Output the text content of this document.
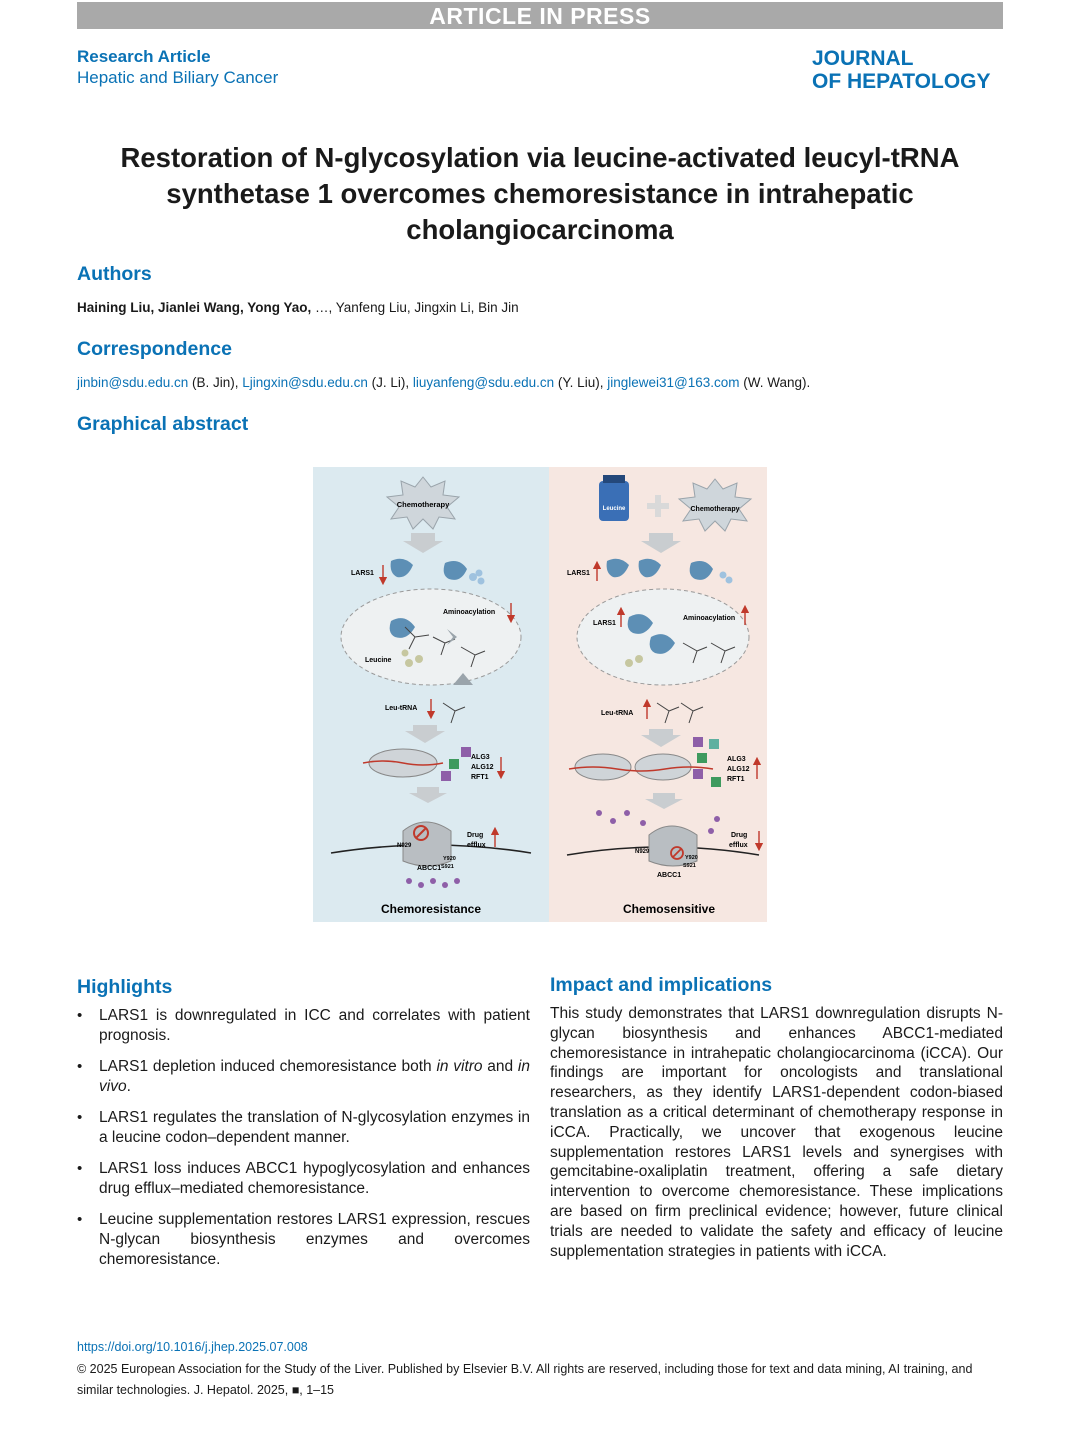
ARTICLE IN PRESS
Research Article
Hepatic and Biliary Cancer
JOURNAL
OF HEPATOLOGY
Restoration of N-glycosylation via leucine-activated leucyl-tRNA synthetase 1 overcomes chemoresistance in intrahepatic cholangiocarcinoma
Authors
Haining Liu, Jianlei Wang, Yong Yao, …, Yanfeng Liu, Jingxin Li, Bin Jin
Correspondence
jinbin@sdu.edu.cn (B. Jin), Ljingxin@sdu.edu.cn (J. Li), liuyanfeng@sdu.edu.cn (Y. Liu), jinglewei31@163.com (W. Wang).
Graphical abstract
Chemotherapy
LARS1
Aminoacylation
Leucine
Leu-tRNA
ALG3
ALG12
RFT1
N929
Y920
S921
Drug
efflux
ABCC1
Chemoresistance
Leucine	Chemotherapy
LARS1
LARS1
Aminoacylation
Leu-tRNA
ALG3
ALG12
RFT1
N929
Y920
S921
Drug
efflux
ABCC1
Chemosensitive
Highlights
• LARS1 is downregulated in ICC and correlates with patient prognosis.
• LARS1 depletion induced chemoresistance both in vitro and in vivo.
• LARS1 regulates the translation of N-glycosylation enzymes in a leucine codon–dependent manner.
• LARS1 loss induces ABCC1 hypoglycosylation and enhances drug efflux–mediated chemoresistance.
• Leucine supplementation restores LARS1 expression, rescues N-glycan biosynthesis enzymes and overcomes chemoresistance.
Impact and implications

This study demonstrates that LARS1 downregulation disrupts N-glycan biosynthesis and enhances ABCC1-mediated chemoresistance in intrahepatic cholangiocarcinoma (iCCA). Our findings are important for oncologists and translational researchers, as they identify LARS1-dependent codon-biased translation as a critical determinant of chemotherapy response in iCCA. Practically, we uncover that exogenous leucine supplementation restores LARS1 levels and synergises with gemcitabine-oxaliplatin treatment, offering a safe dietary intervention to overcome chemoresistance. These implications are based on firm preclinical evidence; however, future clinical trials are needed to validate the safety and efficacy of leucine supplementation strategies in patients with iCCA.

https://doi.org/10.1016/j.jhep.2025.07.008
© 2025 European Association for the Study of the Liver. Published by Elsevier B.V. All rights are reserved, including those for text and data mining, AI training, and similar technologies. J. Hepatol. 2025, ■, 1–15
